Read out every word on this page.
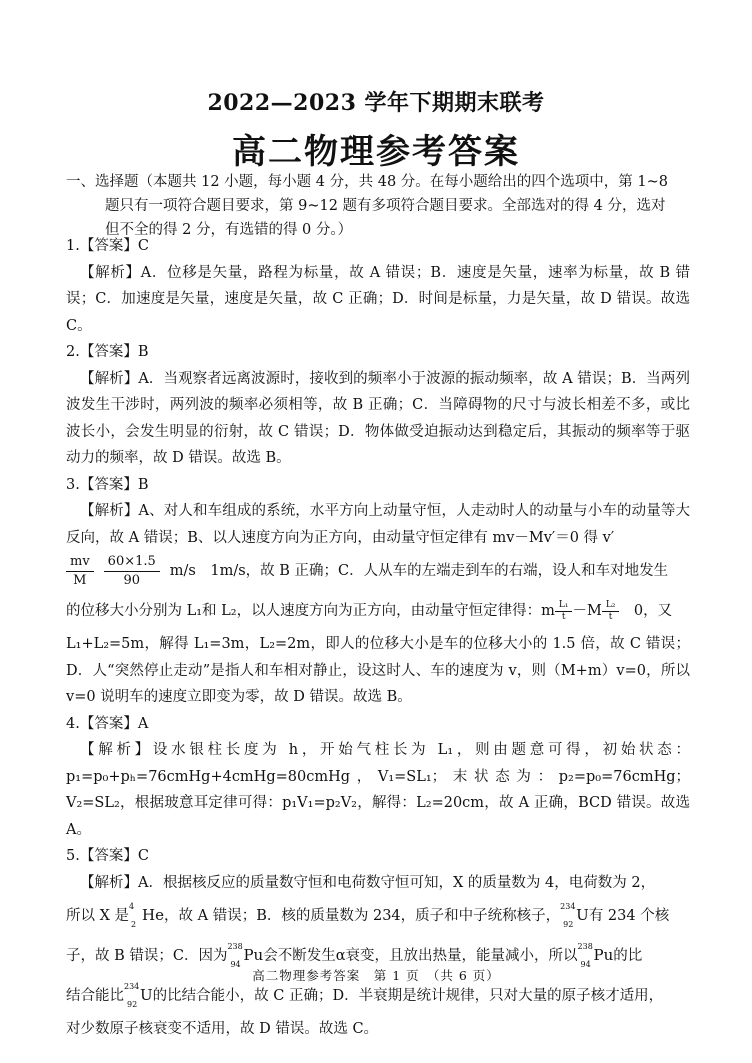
2022—2023 学年下期期末联考
高二物理参考答案
一、选择题（本题共 12 小题，每小题 4 分，共 48 分。在每小题给出的四个选项中，第 1~8
题只有一项符合题目要求，第 9~12 题有多项符合题目要求。全部选对的得 4 分，选对
但不全的得 2 分，有选错的得 0 分。）

1.【答案】C

【解析】A．位移是矢量，路程为标量，故 A 错误；B．速度是矢量，速率为标量，故 B 错误；C．加速度是矢量，速度是矢量，故 C 正确；D．时间是标量，力是矢量，故 D 错误。故选 C。

2.【答案】B

【解析】A．当观察者远离波源时，接收到的频率小于波源的振动频率，故 A 错误；B．当两列波发生干涉时，两列波的频率必须相等，故 B 正确；C．当障碍物的尺寸与波长相差不多，或比波长小，会发生明显的衍射，故 C 错误；D．物体做受迫振动达到稳定后，其振动的频率等于驱动力的频率，故 D 错误。故选 B。

3.【答案】B

【解析】A、对人和车组成的系统，水平方向上动量守恒，人走动时人的动量与小车的动量等大反向，故 A 错误；B、以人速度方向为正方向，由动量守恒定律有 mv－Mv′＝0 得 v′

$\frac{mv}{M} \frac{60\times 1.5}{90} m/s$　1m/s，故 B 正确；C．人从车的左端走到车的右端，设人和车对地发生
的位移大小分别为 L₁和 L₂，以人速度方向为正方向，由动量守恒定律得：m $\frac{\text{L₁}}{t} -M \frac{\text{L₂}}{t}$ 　0，又

L₁+L₂=5m，解得 L₁=3m，L₂=2m，即人的位移大小是车的位移大小的 1.5 倍，故 C 错误；D．人“突然停止走动”是指人和车相对静止，设这时人、车的速度为 v，则（M+m）v=0，所以 v=0 说明车的速度立即变为零，故 D 错误。故选 B。

4.【答案】A

【解析】设水银柱长度为 h，开始气柱长为 L₁，则由题意可得，初始状态：p₁=p₀+pₕ=76cmHg+4cmHg=80cmHg，V₁=SL₁；末状态为：p₂=p₀=76cmHg；V₂=SL₂，根据玻意耳定律可得：p₁V₁=p₂V₂，解得：L₂=20cm，故 A 正确，BCD 错误。故选 A。

5.【答案】C

【解析】A．根据核反应的质量数守恒和电荷数守恒可知，X 的质量数为 4，电荷数为 2，

所以 X 是
4
2
He ，故 A 错误；B．核的质量数为 234，质子和中子统称核子，
234
92
U 有 234 个核
子，故 B 错误；C．因为
238
94
Pu 会不断发生α衰变，且放出热量，能量减小，所以
238
94
Pu 的比
结合能比
234
92
U 的比结合能小，故 C 正确；D．半衰期是统计规律，只对大量的原子核才适用，

对少数原子核衰变不适用，故 D 错误。故选 C。

高二物理参考答案　第 1 页　（共 6 页）
